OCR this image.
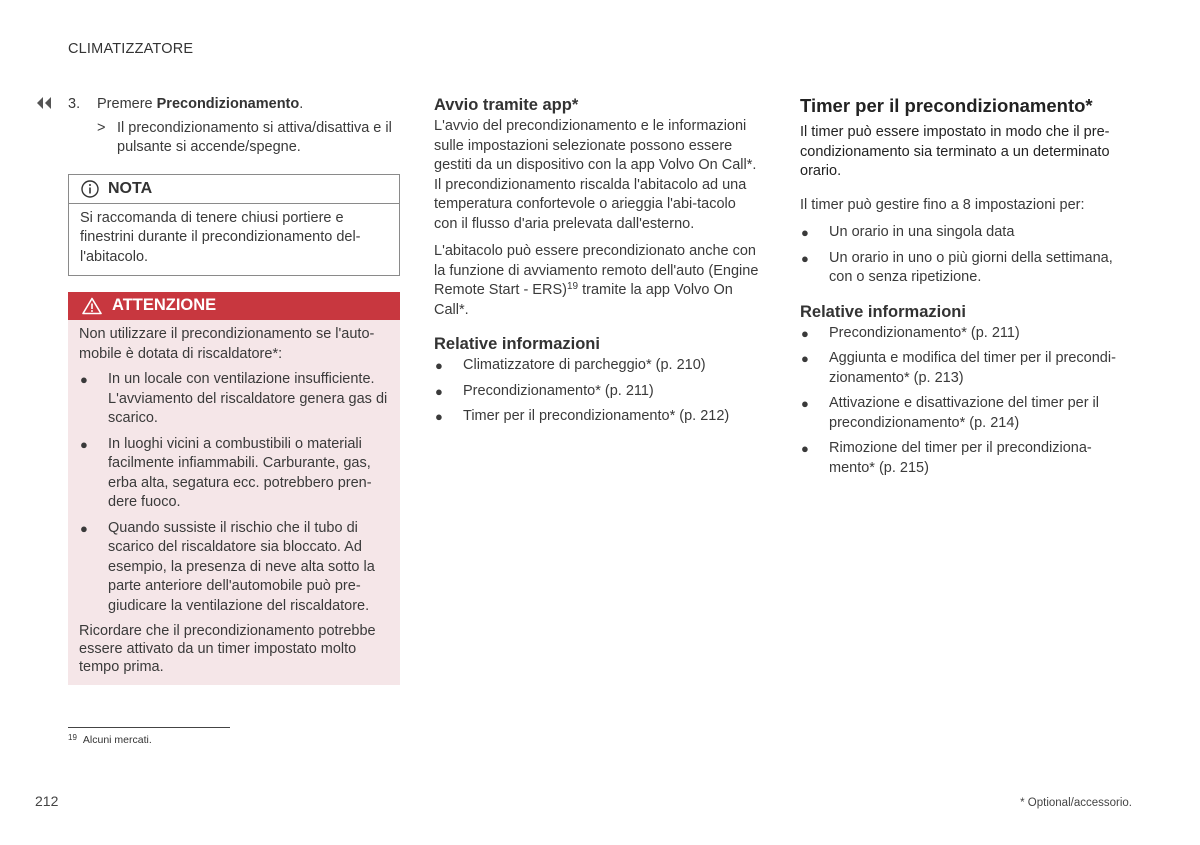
CLIMATIZZATORE
3.	Premere Precondizionamento.
> Il precondizionamento si attiva/disattiva e il pulsante si accende/spegne.
NOTA
Si raccomanda di tenere chiusi portiere e finestrini durante il precondizionamento del-l'abitacolo.
ATTENZIONE
Non utilizzare il precondizionamento se l'auto-mobile è dotata di riscaldatore*:
●	In un locale con ventilazione insufficiente. L'avviamento del riscaldatore genera gas di scarico.
●	In luoghi vicini a combustibili o materiali facilmente infiammabili. Carburante, gas, erba alta, segatura ecc. potrebbero pren-dere fuoco.
●	Quando sussiste il rischio che il tubo di scarico del riscaldatore sia bloccato. Ad esempio, la presenza di neve alta sotto la parte anteriore dell'automobile può pre-giudicare la ventilazione del riscaldatore.
Ricordare che il precondizionamento potrebbe essere attivato da un timer impostato molto tempo prima.
Avvio tramite app*

L'avvio del precondizionamento e le informazioni sulle impostazioni selezionate possono essere gestiti da un dispositivo con la app Volvo On Call*. Il precondizionamento riscalda l'abitacolo ad una temperatura confortevole o arieggia l'abi-tacolo con il flusso d'aria prelevata dall'esterno.

L'abitacolo può essere precondizionato anche con la funzione di avviamento remoto dell'auto (Engine Remote Start - ERS)$^{19}$ tramite la app Volvo On Call*.

Relative informazioni
●	Climatizzatore di parcheggio* (p. 210)
●	Precondizionamento* (p. 211)
●	Timer per il precondizionamento* (p. 212)
Timer per il precondizionamento*

Il timer può essere impostato in modo che il pre-condizionamento sia terminato a un determinato orario.

Il timer può gestire fino a 8 impostazioni per:

●	Un orario in una singola data
●	Un orario in uno o più giorni della settimana, con o senza ripetizione.
Relative informazioni
●	Precondizionamento* (p. 211)
●	Aggiunta e modifica del timer per il precondi-zionamento* (p. 213)
●	Attivazione e disattivazione del timer per il precondizionamento* (p. 214)
●	Rimozione del timer per il precondiziona-mento* (p. 215)
$^{19}$ Alcuni mercati.
212	* Optional/accessorio.
